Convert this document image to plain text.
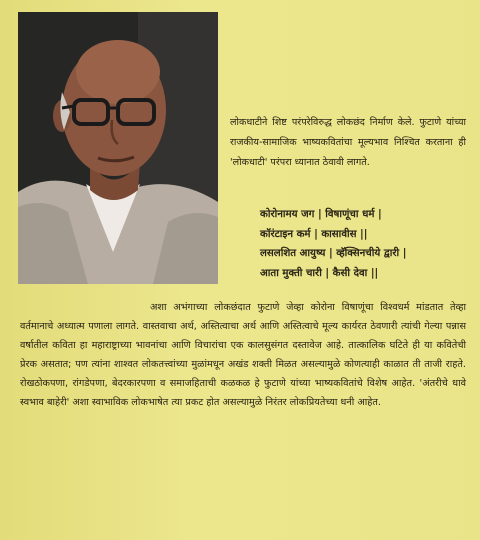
लोकधाटीने शिष्ट परंपरेविरुद्ध लोकछंद निर्माण केले. फुटाणे यांच्या राजकीय-सामाजिक भाष्यकवितांचा मूल्यभाव निश्चित करताना ही 'लोकधाटी' परंपरा ध्यानात ठेवावी लागते.
कोरोनामय जग | विषाणूंचा धर्म |
कॉरंटाइन कर्म | कासावीस ||
लसलशित आयुष्य | व्हॅक्सिनचीये द्वारी |
आता मुक्ती चारी | कैसी देवा ||
अशा अभंगाच्या लोकछंदात फुटाणे जेव्हा कोरोना विषाणूंचा विश्वधर्म मांडतात तेव्हा वर्तमानाचे अध्यात्म पणाला लागते. वास्तवाचा अर्थ, अस्तित्वाचा अर्थ आणि अस्तित्वाचे मूल्य कार्यरत ठेवणारी त्यांची गेल्या पन्नास वर्षातील कविता हा महाराष्ट्राच्या भावनांचा आणि विचारांचा एक कालसुसंगत दस्तावेज आहे. तात्कालिक घटिते ही या कवितेची प्रेरक असतात; पण त्यांना शाश्वत लोकतत्त्वांच्या मुळांमधून अखंड शक्ती मिळत असल्यामुळे कोणत्याही काळात ती ताजी राहते. रोखठोकपणा, रांगडेपणा, बेदरकारपणा व समाजहिताची कळकळ हे फुटाणे यांच्या भाष्यकवितांचे विशेष आहेत. 'अंतरीचे धावे स्वभाव बाहेरी' अशा स्वाभाविक लोकभाषेत त्या प्रकट होत असल्यामुळे निरंतर लोकप्रियतेच्या धनी आहेत.
